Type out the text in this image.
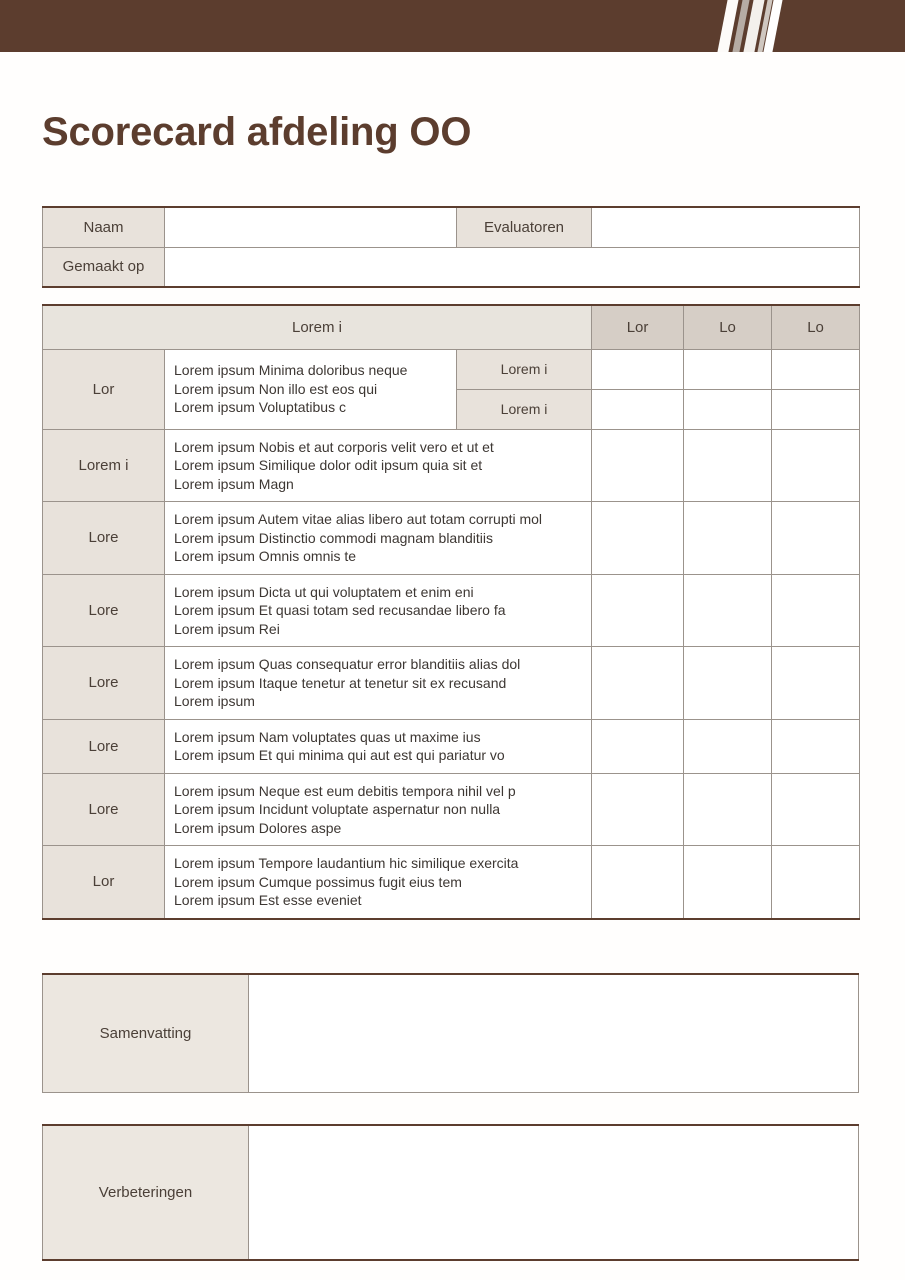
Scorecard afdeling OO
Naam		Evaluatoren	
Gemaakt op			
Lorem i			Lor	Lo	Lo
Lor	Lorem ipsum Minima doloribus neque
Lorem ipsum Non illo est eos qui
Lorem ipsum Voluptatibus c	Lorem i			
		Lorem i			
Lorem i	Lorem ipsum Nobis et aut corporis velit vero et ut et
Lorem ipsum Similique dolor odit ipsum quia sit et
Lorem ipsum Magn				

Lore	Lorem ipsum Autem vitae alias libero aut totam corrupti mol
Lorem ipsum Distinctio commodi magnam blanditiis
Lorem ipsum Omnis omnis te				

Lore	Lorem ipsum Dicta ut qui voluptatem et enim eni
Lorem ipsum Et quasi totam sed recusandae libero fa
Lorem ipsum Rei				

Lore	Lorem ipsum Quas consequatur error blanditiis alias dol
Lorem ipsum Itaque tenetur at tenetur sit ex recusand
Lorem ipsum				

Lore	Lorem ipsum Nam voluptates quas ut maxime ius
Lorem ipsum Et qui minima qui aut est qui pariatur vo				

Lore	Lorem ipsum Neque est eum debitis tempora nihil vel p
Lorem ipsum Incidunt voluptate aspernatur non nulla
Lorem ipsum Dolores aspe				

Lor	Lorem ipsum Tempore laudantium hic similique exercita
Lorem ipsum Cumque possimus fugit eius tem
Lorem ipsum Est esse eveniet				

Samenvatting	
Verbeteringen	
